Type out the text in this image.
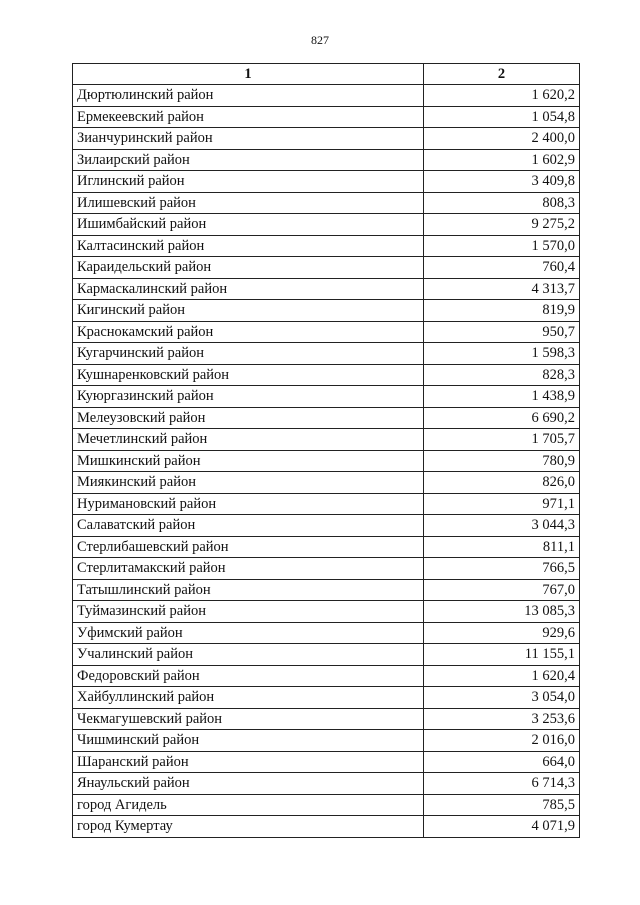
827
1	2
Дюртюлинский район	1 620,2
Ермекеевский район	1 054,8
Зианчуринский район	2 400,0
Зилаирский район	1 602,9
Иглинский район	3 409,8
Илишевский район	808,3
Ишимбайский район	9 275,2
Калтасинский район	1 570,0
Караидельский район	760,4
Кармаскалинский район	4 313,7
Кигинский район	819,9
Краснокамский район	950,7
Кугарчинский район	1 598,3
Кушнаренковский район	828,3
Куюргазинский район	1 438,9
Мелеузовский район	6 690,2
Мечетлинский район	1 705,7
Мишкинский район	780,9
Миякинский район	826,0
Нуримановский район	971,1
Салаватский район	3 044,3
Стерлибашевский район	811,1
Стерлитамакский район	766,5
Татышлинский район	767,0
Туймазинский район	13 085,3
Уфимский район	929,6
Учалинский район	11 155,1
Федоровский район	1 620,4
Хайбуллинский район	3 054,0
Чекмагушевский район	3 253,6
Чишминский район	2 016,0
Шаранский район	664,0
Янаульский район	6 714,3
город Агидель	785,5
город Кумертау	4 071,9
